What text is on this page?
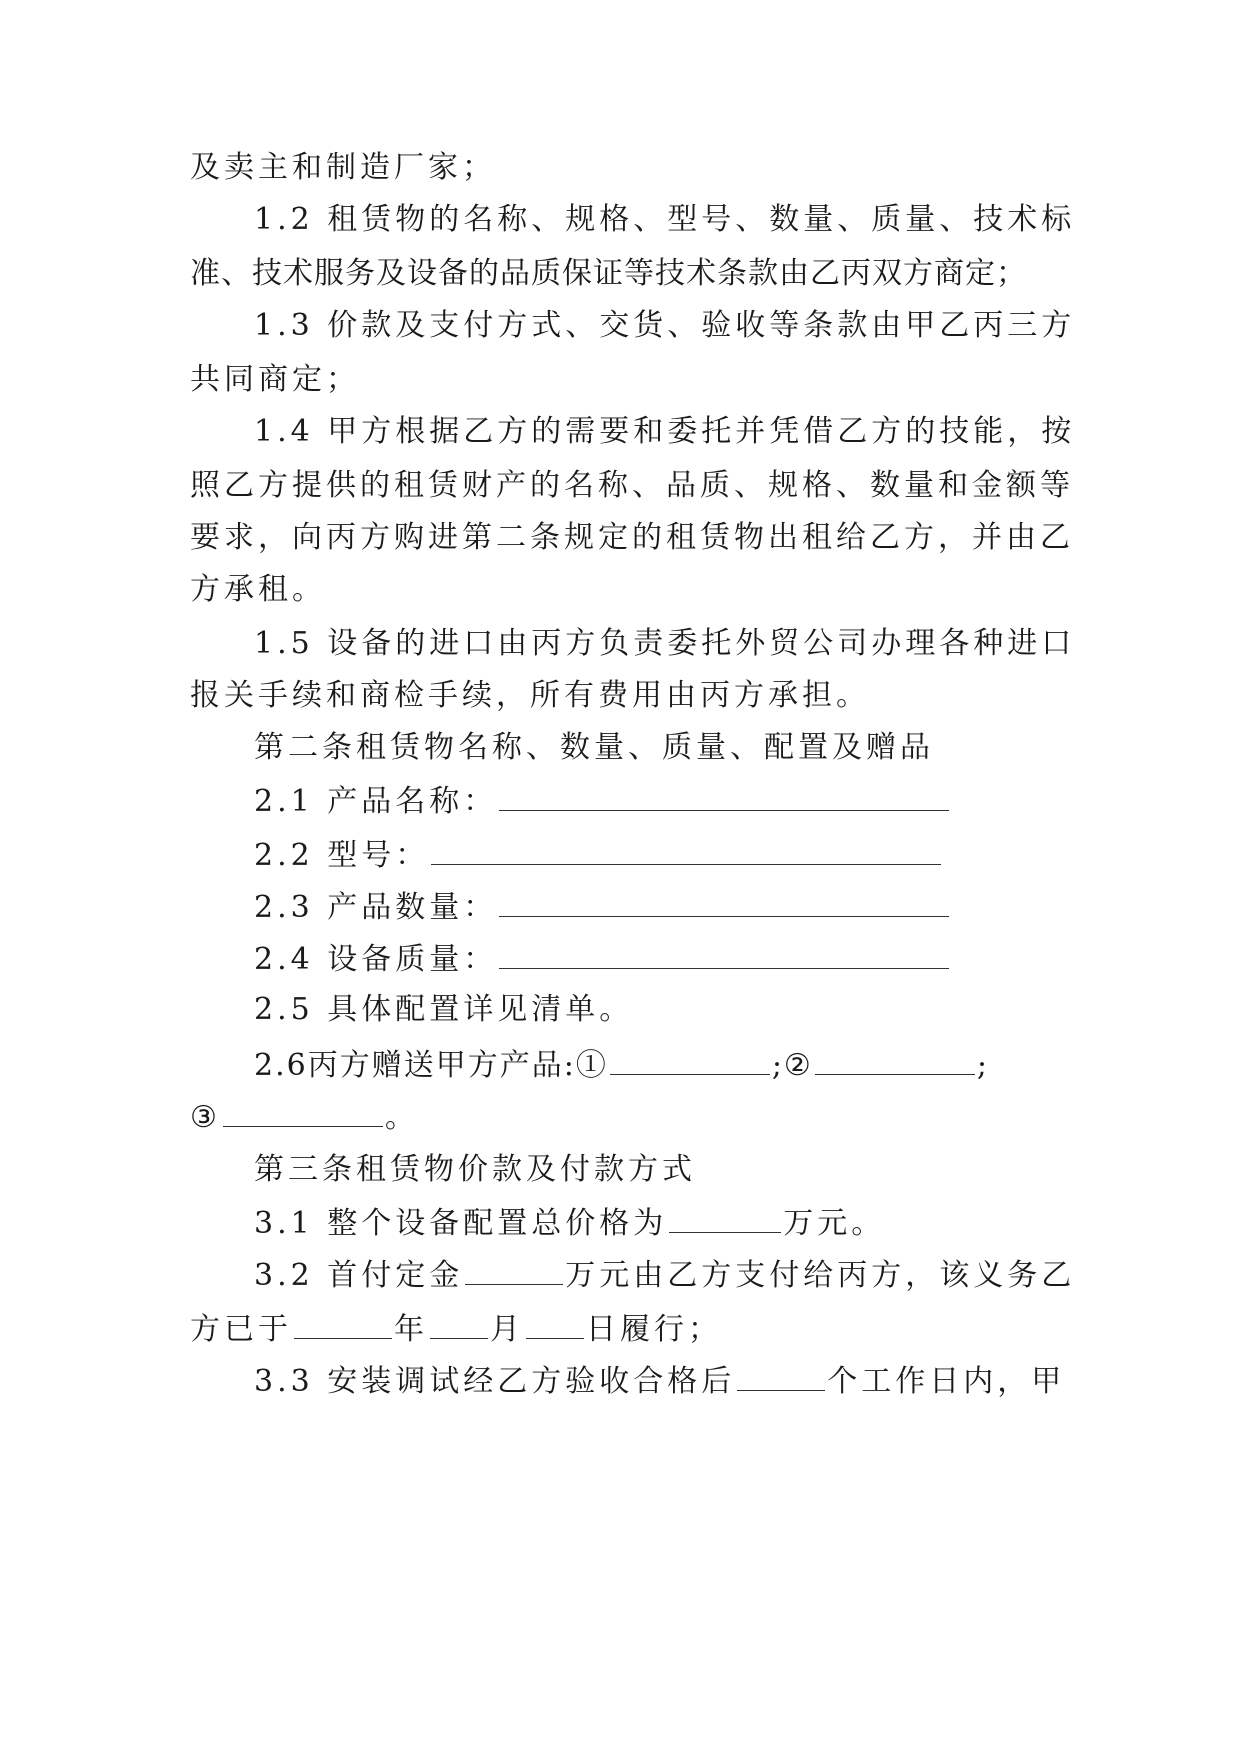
及卖主和制造厂家；
1.2 租赁物的名称、规格、型号、数量、质量、技术标
准、技术服务及设备的品质保证等技术条款由乙丙双方商定；
1.3 价款及支付方式、交货、验收等条款由甲乙丙三方
共同商定；
1.4 甲方根据乙方的需要和委托并凭借乙方的技能，按
照乙方提供的租赁财产的名称、品质、规格、数量和金额等
要求，向丙方购进第二条规定的租赁物出租给乙方，并由乙
方承租。
1.5 设备的进口由丙方负责委托外贸公司办理各种进口
报关手续和商检手续，所有费用由丙方承担。
第二条租赁物名称、数量、质量、配置及赠品
2.1 产品名称：
2.2 型号：
2.3 产品数量：
2.4 设备质量：
2.5 具体配置详见清单。
2.6丙方赠送甲方产品:①	;②	;
③	。
第三条租赁物价款及付款方式
3.1 整个设备配置总价格为	万元。
3.2 首付定金	万元由乙方支付给丙方，该义务乙
方已于	年 月 日履行；
3.3 安装调试经乙方验收合格后	个工作日内，甲
